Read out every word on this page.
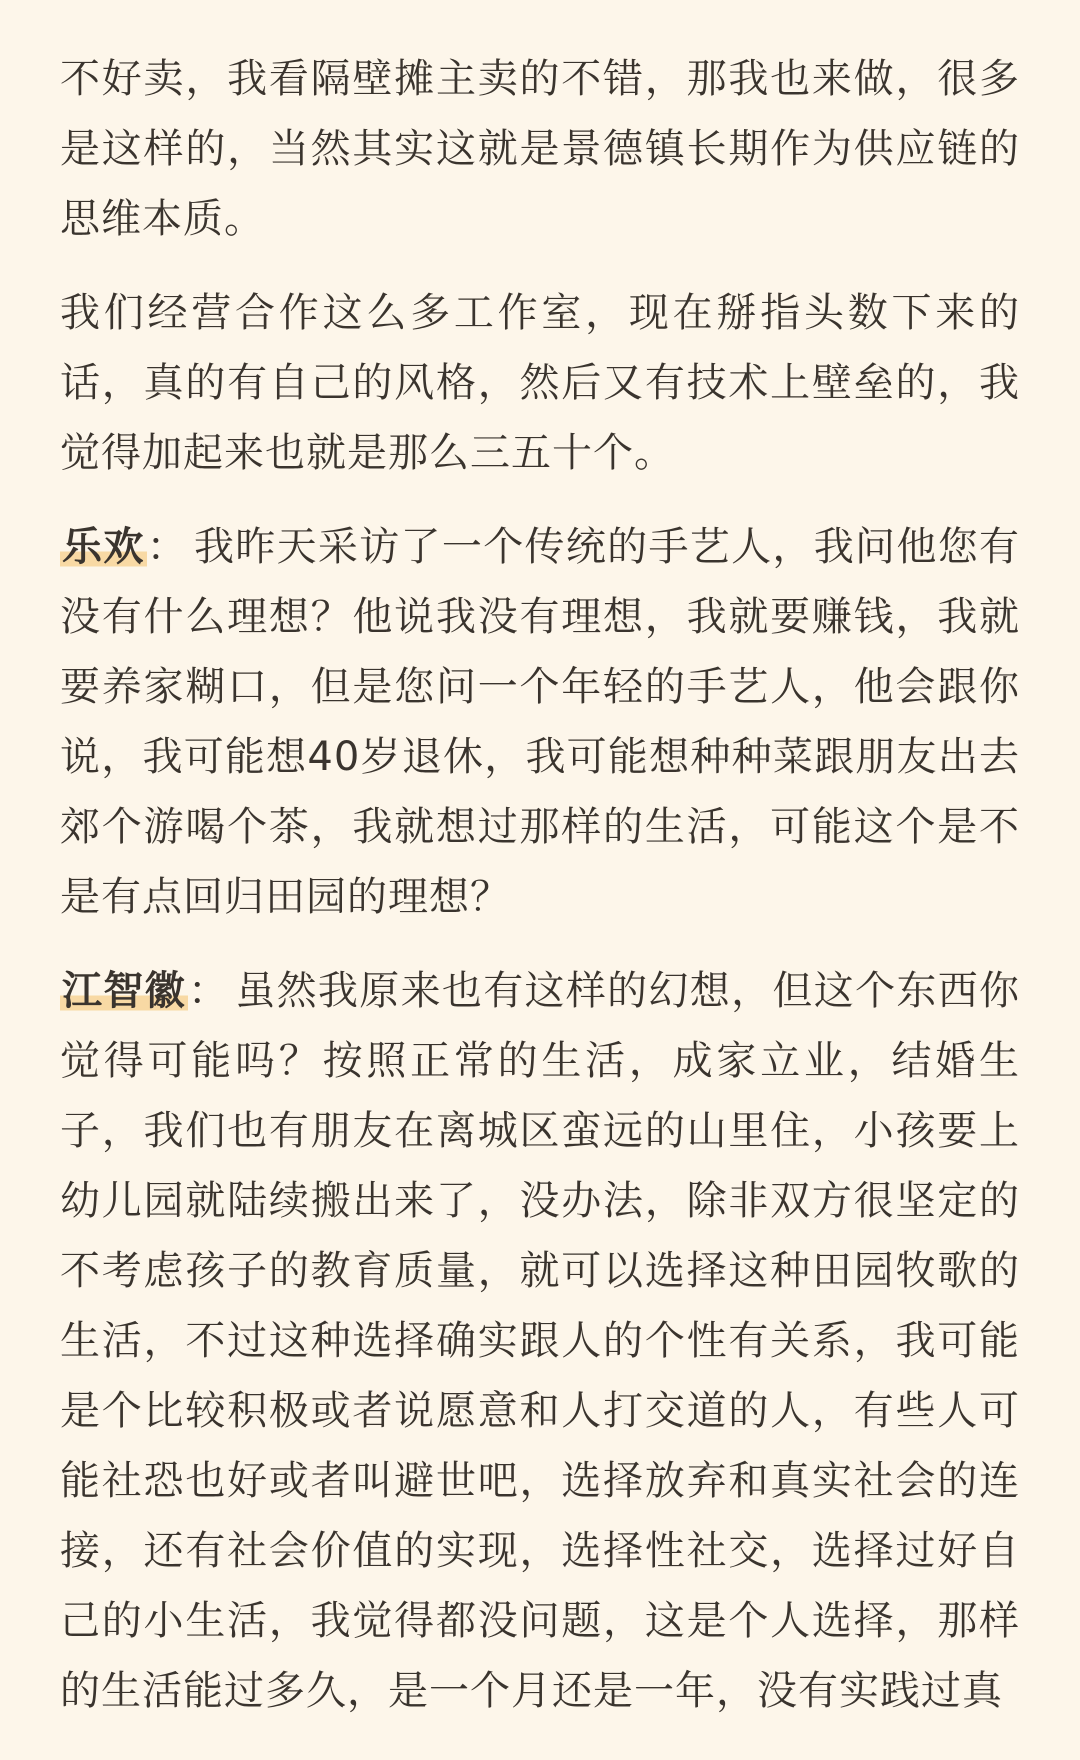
不好卖，我看隔壁摊主卖的不错，那我也来做，很多是这样的，当然其实这就是景德镇长期作为供应链的思维本质。

我们经营合作这么多工作室，现在掰指头数下来的话，真的有自己的风格，然后又有技术上壁垒的，我觉得加起来也就是那么三五十个。

乐欢： 我昨天采访了一个传统的手艺人，我问他您有没有什么理想？他说我没有理想，我就要赚钱，我就要养家糊口，但是您问一个年轻的手艺人，他会跟你说，我可能想40岁退休，我可能想种种菜跟朋友出去郊个游喝个茶，我就想过那样的生活，可能这个是不是有点回归田园的理想？

江智徽： 虽然我原来也有这样的幻想，但这个东西你觉得可能吗？按照正常的生活，成家立业，结婚生子，我们也有朋友在离城区蛮远的山里住，小孩要上幼儿园就陆续搬出来了，没办法，除非双方很坚定的不考虑孩子的教育质量，就可以选择这种田园牧歌的生活，不过这种选择确实跟人的个性有关系，我可能是个比较积极或者说愿意和人打交道的人，有些人可能社恐也好或者叫避世吧，选择放弃和真实社会的连接，还有社会价值的实现，选择性社交，选择过好自己的小生活，我觉得都没问题，这是个人选择，那样的生活能过多久，是一个月还是一年，没有实践过真
